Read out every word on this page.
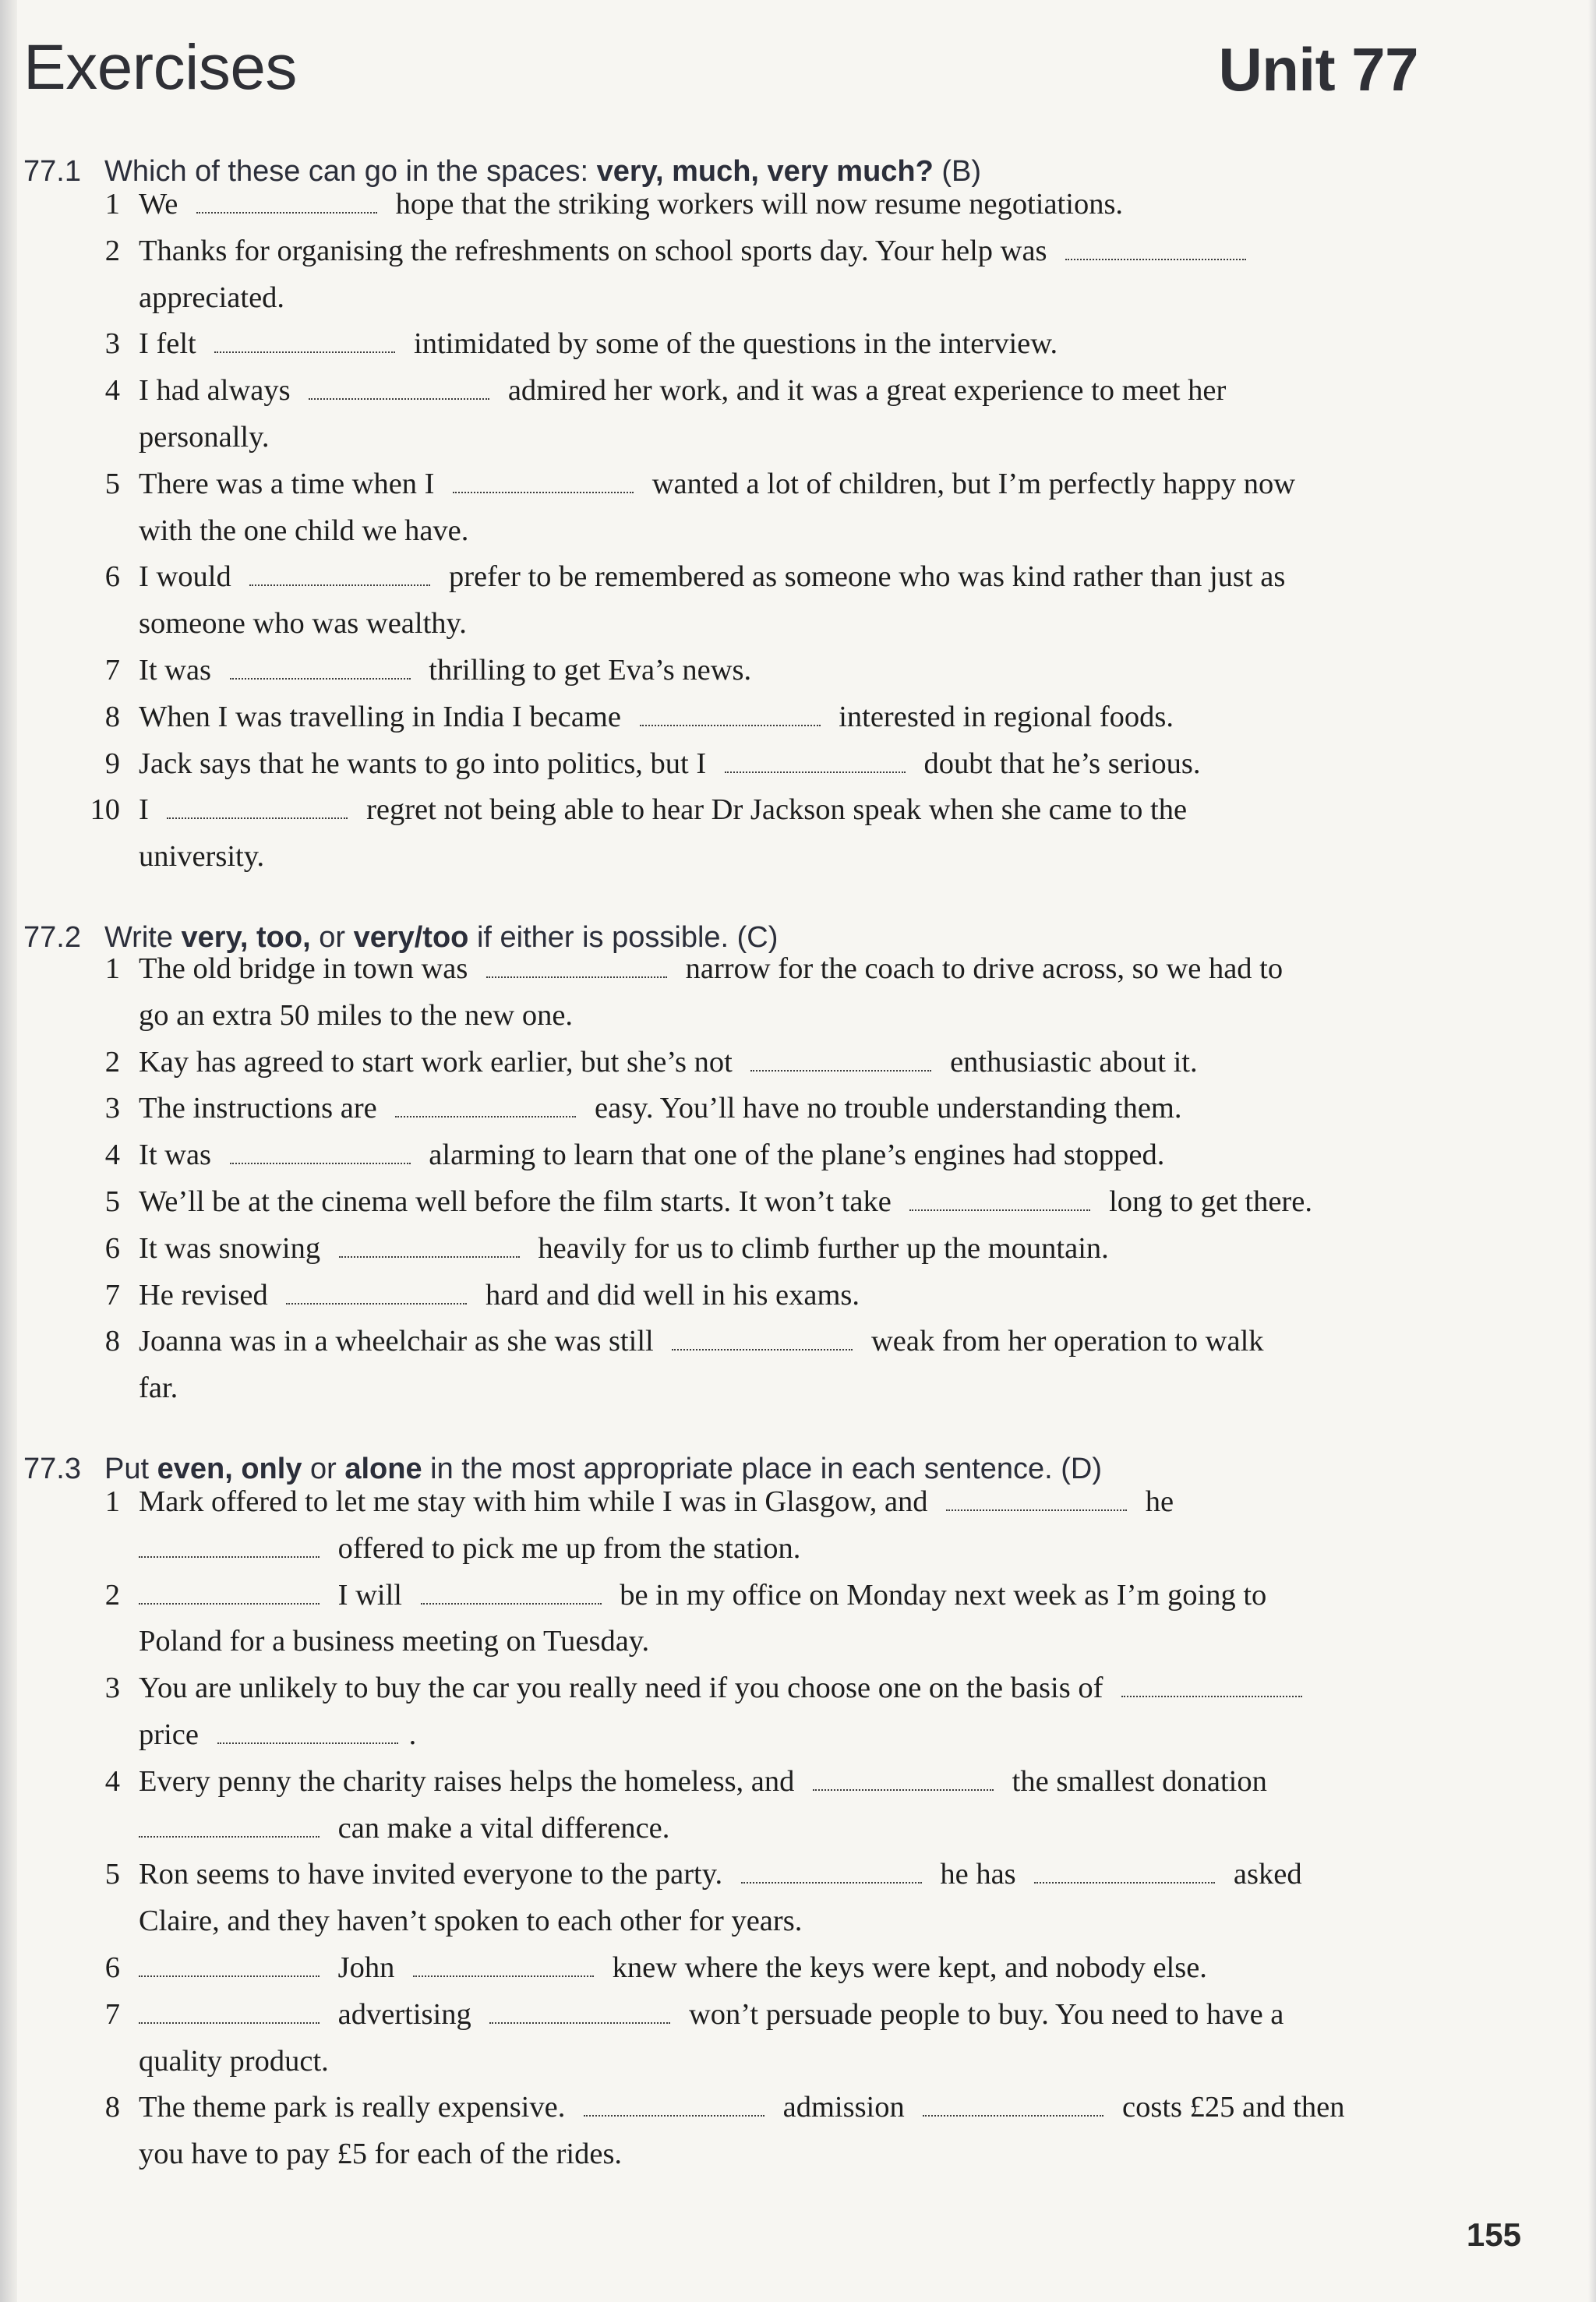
Exercises	Unit 77
77.1 Which of these can go in the spaces: very, much, very much? (B)
1 We	hope that the striking workers will now resume negotiations.
2 Thanks for organising the refreshments on school sports day. Your help was
appreciated.
3 I felt	intimidated by some of the questions in the interview.
4 I had always	admired her work, and it was a great experience to meet her
personally.
5 There was a time when I	wanted a lot of children, but I’m perfectly happy now
with the one child we have.
6 I would	prefer to be remembered as someone who was kind rather than just as
someone who was wealthy.
7 It was	thrilling to get Eva’s news.
8 When I was travelling in India I became	interested in regional foods.
9 Jack says that he wants to go into politics, but I	doubt that he’s serious.
10 I	regret not being able to hear Dr Jackson speak when she came to the
university.
77.2 Write very, too, or very/too if either is possible. (C)
1 The old bridge in town was	narrow for the coach to drive across, so we had to
go an extra 50 miles to the new one.
2 Kay has agreed to start work earlier, but she’s not	enthusiastic about it.
3 The instructions are	easy. You’ll have no trouble understanding them.
4 It was	alarming to learn that one of the plane’s engines had stopped.
5 We’ll be at the cinema well before the film starts. It won’t take	long to get there.
6 It was snowing	heavily for us to climb further up the mountain.
7 He revised	hard and did well in his exams.
8 Joanna was in a wheelchair as she was still	weak from her operation to walk
far.
77.3 Put even, only or alone in the most appropriate place in each sentence. (D)
1 Mark offered to let me stay with him while I was in Glasgow, and	he
offered to pick me up from the station.
2	I will	be in my office on Monday next week as I’m going to
Poland for a business meeting on Tuesday.
3 You are unlikely to buy the car you really need if you choose one on the basis of
price	.
4 Every penny the charity raises helps the homeless, and	the smallest donation
can make a vital difference.
5 Ron seems to have invited everyone to the party.	he has	asked
Claire, and they haven’t spoken to each other for years.
6	John	knew where the keys were kept, and nobody else.
7	advertising	won’t persuade people to buy. You need to have a
quality product.
8 The theme park is really expensive.	admission	costs £25 and then
you have to pay £5 for each of the rides.
155
